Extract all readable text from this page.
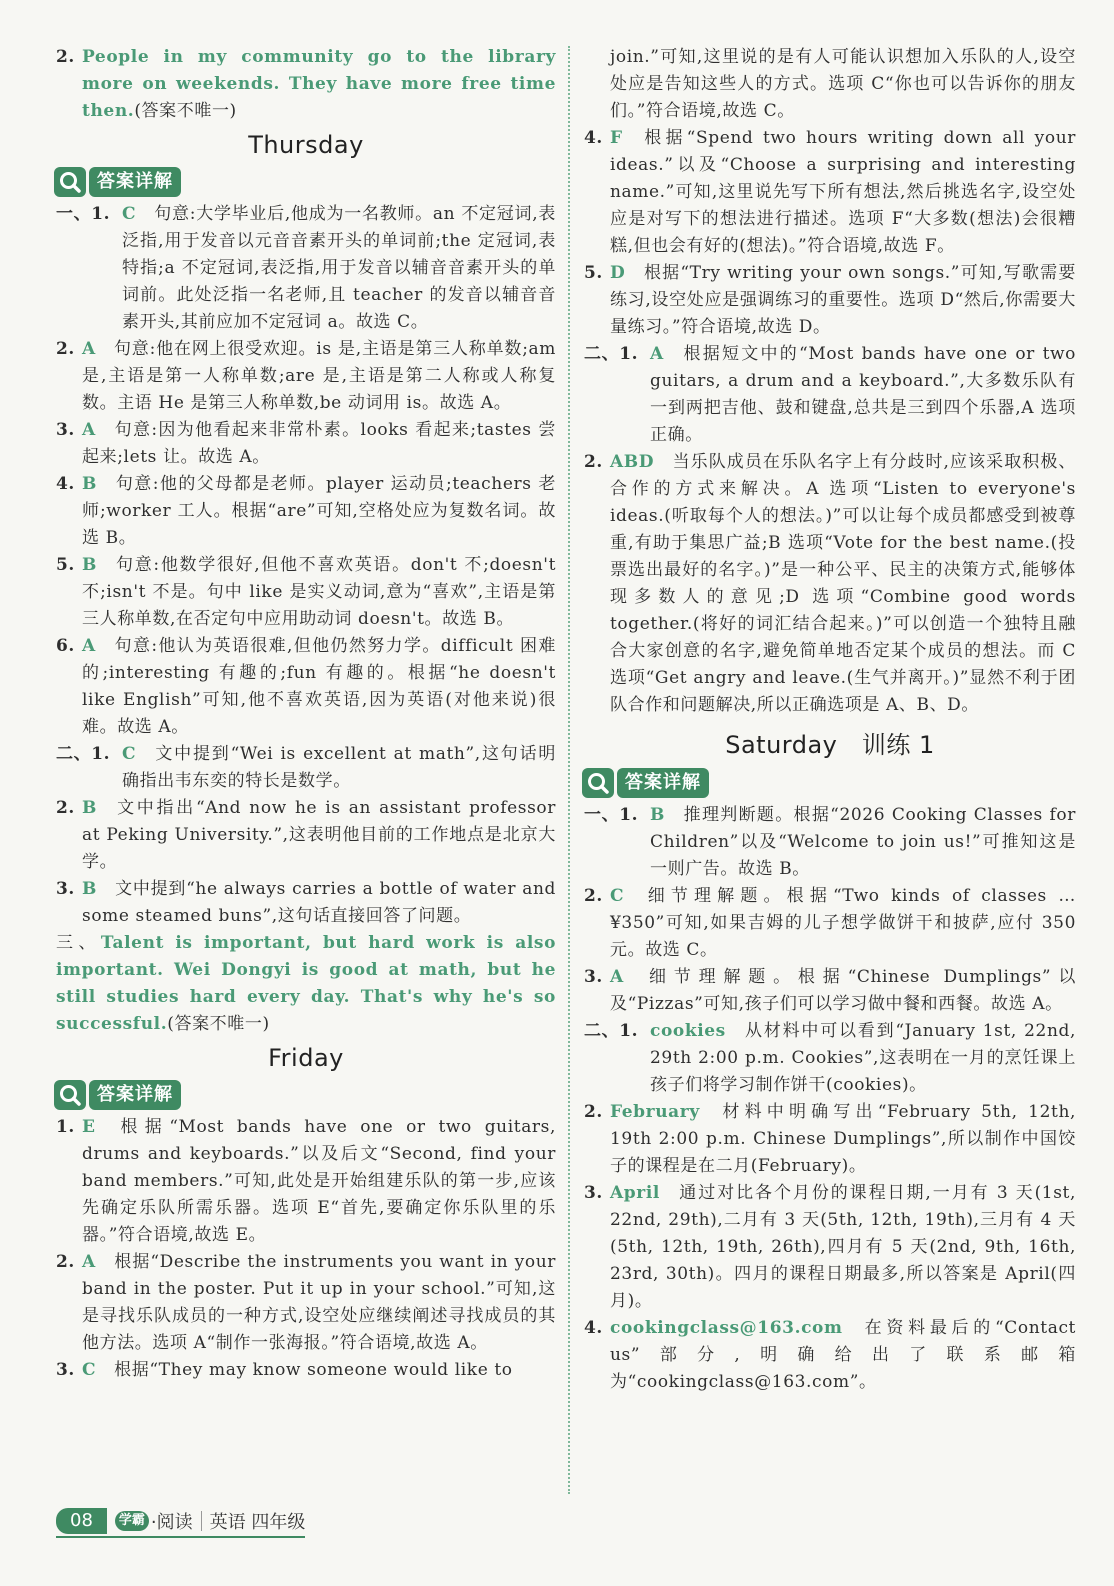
2. People in my community go to the library more on weekends. They have more free time then.(答案不唯一)

Thursday
答案详解

一、1. C 句意:大学毕业后,他成为一名教师。an 不定冠词,表泛指,用于发音以元音音素开头的单词前;the 定冠词,表特指;a 不定冠词,表泛指,用于发音以辅音音素开头的单词前。此处泛指一名老师,且 teacher 的发音以辅音音素开头,其前应加不定冠词 a。故选 C。

2. A 句意:他在网上很受欢迎。is 是,主语是第三人称单数;am 是,主语是第一人称单数;are 是,主语是第二人称或人称复数。主语 He 是第三人称单数,be 动词用 is。故选 A。

3. A 句意:因为他看起来非常朴素。looks 看起来;tastes 尝起来;lets 让。故选 A。

4. B 句意:他的父母都是老师。player 运动员;teachers 老师;worker 工人。根据“are”可知,空格处应为复数名词。故选 B。

5. B 句意:他数学很好,但他不喜欢英语。don't 不;doesn't 不;isn't 不是。句中 like 是实义动词,意为“喜欢”,主语是第三人称单数,在否定句中应用助动词 doesn't。故选 B。

6. A 句意:他认为英语很难,但他仍然努力学。difficult 困难的;interesting 有趣的;fun 有趣的。根据“he doesn't like English”可知,他不喜欢英语,因为英语(对他来说)很难。故选 A。

二、1. C 文中提到“Wei is excellent at math”,这句话明确指出韦东奕的特长是数学。

2. B 文中指出“And now he is an assistant professor at Peking University.”,这表明他目前的工作地点是北京大学。

3. B 文中提到“he always carries a bottle of water and some steamed buns”,这句话直接回答了问题。

三、Talent is important, but hard work is also important. Wei Dongyi is good at math, but he still studies hard every day. That's why he's so successful.(答案不唯一)

Friday
答案详解

1. E 根据“Most bands have one or two guitars, drums and keyboards.”以及后文“Second, find your band members.”可知,此处是开始组建乐队的第一步,应该先确定乐队所需乐器。选项 E“首先,要确定你乐队里的乐器。”符合语境,故选 E。

2. A 根据“Describe the instruments you want in your band in the poster. Put it up in your school.”可知,这是寻找乐队成员的一种方式,设空处应继续阐述寻找成员的其他方法。选项 A“制作一张海报。”符合语境,故选 A。

3. C 根据“They may know someone would like to

join.”可知,这里说的是有人可能认识想加入乐队的人,设空处应是告知这些人的方式。选项 C“你也可以告诉你的朋友们。”符合语境,故选 C。

4. F 根据“Spend two hours writing down all your ideas.”以及“Choose a surprising and interesting name.”可知,这里说先写下所有想法,然后挑选名字,设空处应是对写下的想法进行描述。选项 F“大多数(想法)会很糟糕,但也会有好的(想法)。”符合语境,故选 F。

5. D 根据“Try writing your own songs.”可知,写歌需要练习,设空处应是强调练习的重要性。选项 D“然后,你需要大量练习。”符合语境,故选 D。

二、1. A 根据短文中的“Most bands have one or two guitars, a drum and a keyboard.”,大多数乐队有一到两把吉他、鼓和键盘,总共是三到四个乐器,A 选项正确。

2. ABD 当乐队成员在乐队名字上有分歧时,应该采取积极、合作的方式来解决。A 选项“Listen to everyone's ideas.(听取每个人的想法。)”可以让每个成员都感受到被尊重,有助于集思广益;B 选项“Vote for the best name.(投票选出最好的名字。)”是一种公平、民主的决策方式,能够体现多数人的意见;D 选项“Combine good words together.(将好的词汇结合起来。)”可以创造一个独特且融合大家创意的名字,避免简单地否定某个成员的想法。而 C 选项“Get angry and leave.(生气并离开。)”显然不利于团队合作和问题解决,所以正确选项是 A、B、D。

Saturday　训练 1
答案详解

一、1. B 推理判断题。根据“2026 Cooking Classes for Children”以及“Welcome to join us!”可推知这是一则广告。故选 B。

2. C 细节理解题。根据“Two kinds of classes … ¥350”可知,如果吉姆的儿子想学做饼干和披萨,应付 350 元。故选 C。

3. A 细节理解题。根据“Chinese Dumplings”以及“Pizzas”可知,孩子们可以学习做中餐和西餐。故选 A。

二、1. cookies 从材料中可以看到“January 1st, 22nd, 29th 2:00 p.m. Cookies”,这表明在一月的烹饪课上孩子们将学习制作饼干(cookies)。

2. February 材料中明确写出“February 5th, 12th, 19th 2:00 p.m. Chinese Dumplings”,所以制作中国饺子的课程是在二月(February)。

3. April 通过对比各个月份的课程日期,一月有 3 天(1st, 22nd, 29th),二月有 3 天(5th, 12th, 19th),三月有 4 天(5th, 12th, 19th, 26th),四月有 5 天(2nd, 9th, 16th, 23rd, 30th)。四月的课程日期最多,所以答案是 April(四月)。

4. cookingclass@163.com 在资料最后的“Contact us”部分,明确给出了联系邮箱为“cookingclass@163.com”。

08	学霸 ·阅读 英语 四年级
